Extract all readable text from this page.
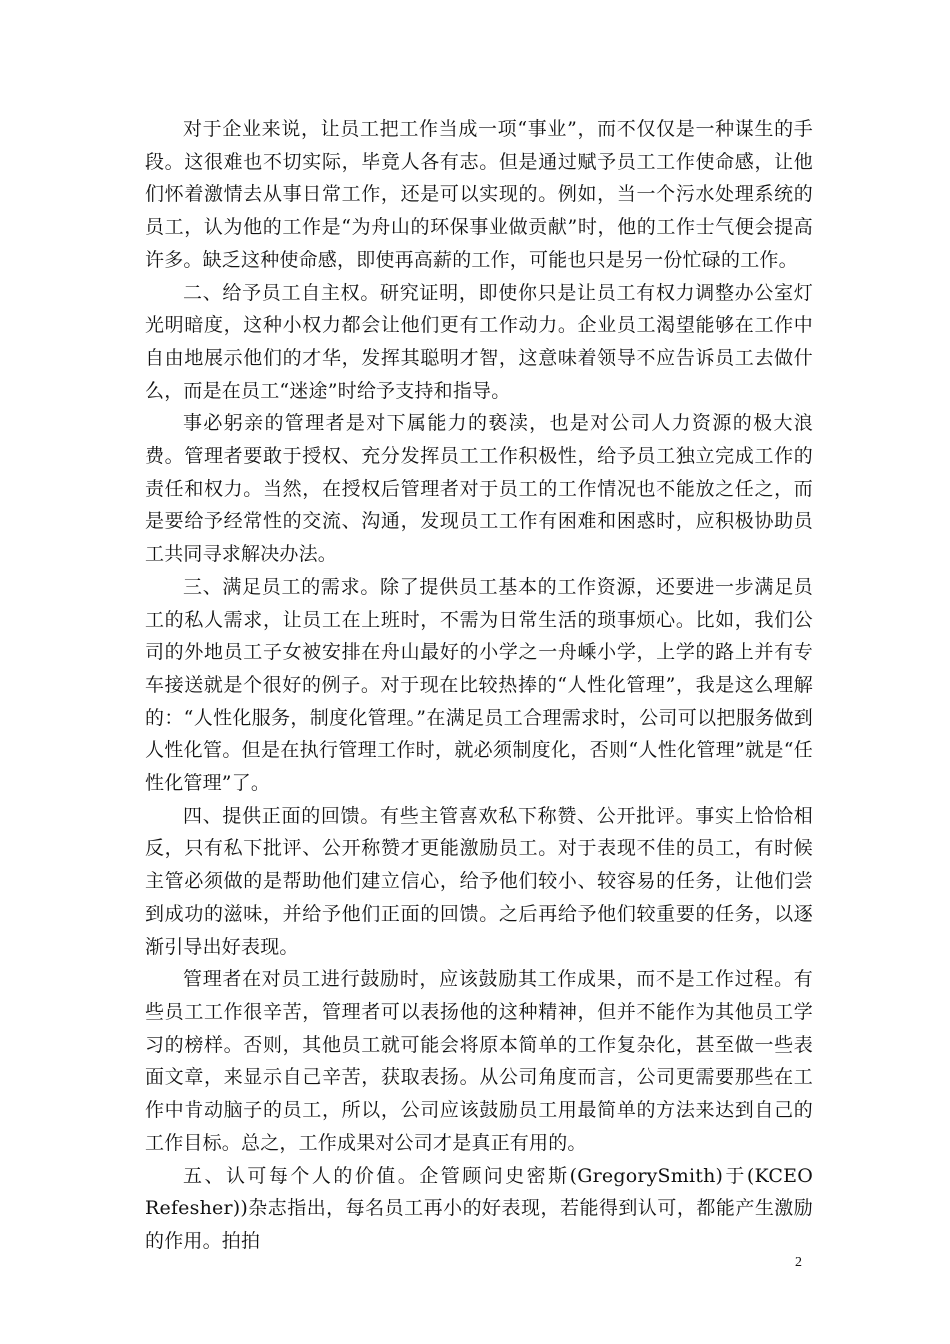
对于企业来说，让员工把工作当成一项“事业”，而不仅仅是一种谋生的手段。这很难也不切实际，毕竟人各有志。但是通过赋予员工工作使命感，让他们怀着激情去从事日常工作，还是可以实现的。例如，当一个污水处理系统的员工，认为他的工作是“为舟山的环保事业做贡献”时，他的工作士气便会提高许多。缺乏这种使命感，即使再高薪的工作，可能也只是另一份忙碌的工作。

二、给予员工自主权。研究证明，即使你只是让员工有权力调整办公室灯光明暗度，这种小权力都会让他们更有工作动力。企业员工渴望能够在工作中自由地展示他们的才华，发挥其聪明才智，这意味着领导不应告诉员工去做什么，而是在员工“迷途”时给予支持和指导。

事必躬亲的管理者是对下属能力的亵渎，也是对公司人力资源的极大浪费。管理者要敢于授权、充分发挥员工工作积极性，给予员工独立完成工作的责任和权力。当然，在授权后管理者对于员工的工作情况也不能放之任之，而是要给予经常性的交流、沟通，发现员工工作有困难和困惑时，应积极协助员工共同寻求解决办法。

三、满足员工的需求。除了提供员工基本的工作资源，还要进一步满足员工的私人需求，让员工在上班时，不需为日常生活的琐事烦心。比如，我们公司的外地员工子女被安排在舟山最好的小学之一舟嵊小学，上学的路上并有专车接送就是个很好的例子。对于现在比较热捧的“人性化管理”，我是这么理解的：“人性化服务，制度化管理。”在满足员工合理需求时，公司可以把服务做到人性化管。但是在执行管理工作时，就必须制度化，否则“人性化管理”就是“任性化管理”了。

四、提供正面的回馈。有些主管喜欢私下称赞、公开批评。事实上恰恰相反，只有私下批评、公开称赞才更能激励员工。对于表现不佳的员工，有时候主管必须做的是帮助他们建立信心，给予他们较小、较容易的任务，让他们尝到成功的滋味，并给予他们正面的回馈。之后再给予他们较重要的任务，以逐渐引导出好表现。

管理者在对员工进行鼓励时，应该鼓励其工作成果，而不是工作过程。有些员工工作很辛苦，管理者可以表扬他的这种精神，但并不能作为其他员工学习的榜样。否则，其他员工就可能会将原本简单的工作复杂化，甚至做一些表面文章，来显示自己辛苦，获取表扬。从公司角度而言，公司更需要那些在工作中肯动脑子的员工，所以，公司应该鼓励员工用最简单的方法来达到自己的工作目标。总之，工作成果对公司才是真正有用的。

五、认可每个人的价值。企管顾问史密斯(GregorySmith)于(KCEO Refesher))杂志指出，每名员工再小的好表现，若能得到认可，都能产生激励的作用。拍拍

2
